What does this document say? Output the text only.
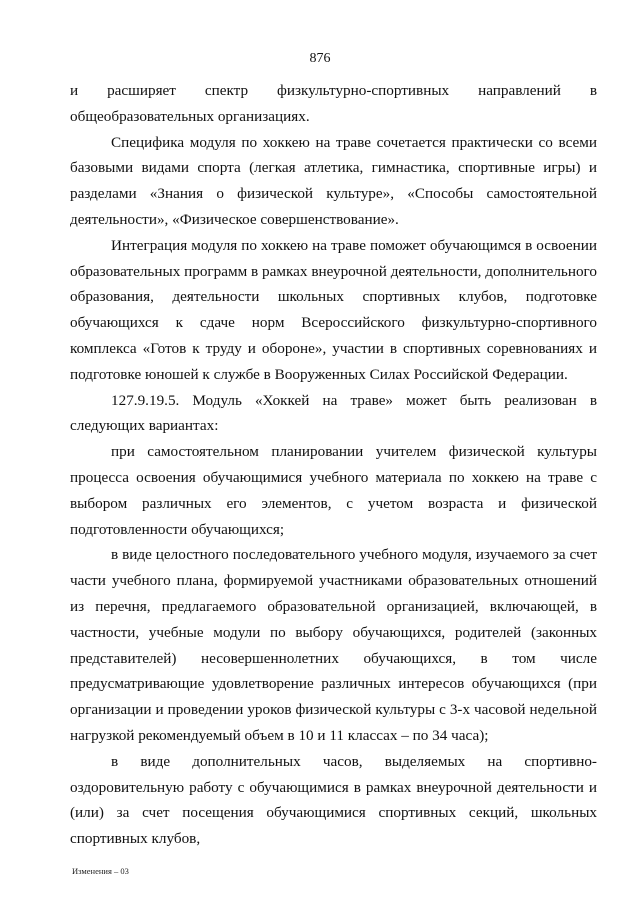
876

и расширяет спектр физкультурно-спортивных направлений в общеобразовательных организациях.

Специфика модуля по хоккею на траве сочетается практически со всеми базовыми видами спорта (легкая атлетика, гимнастика, спортивные игры) и разделами «Знания о физической культуре», «Способы самостоятельной деятельности», «Физическое совершенствование».

Интеграция модуля по хоккею на траве поможет обучающимся в освоении образовательных программ в рамках внеурочной деятельности, дополнительного образования, деятельности школьных спортивных клубов, подготовке обучающихся к сдаче норм Всероссийского физкультурно-спортивного комплекса «Готов к труду и обороне», участии в спортивных соревнованиях и подготовке юношей к службе в Вооруженных Силах Российской Федерации.

127.9.19.5. Модуль «Хоккей на траве» может быть реализован в следующих вариантах:

при самостоятельном планировании учителем физической культуры процесса освоения обучающимися учебного материала по хоккею на траве с выбором различных его элементов, с учетом возраста и физической подготовленности обучающихся;

в виде целостного последовательного учебного модуля, изучаемого за счет части учебного плана, формируемой участниками образовательных отношений из перечня, предлагаемого образовательной организацией, включающей, в частности, учебные модули по выбору обучающихся, родителей (законных представителей) несовершеннолетних обучающихся, в том числе предусматривающие удовлетворение различных интересов обучающихся (при организации и проведении уроков физической культуры с 3-х часовой недельной нагрузкой рекомендуемый объем в 10 и 11 классах – по 34 часа);

в виде дополнительных часов, выделяемых на спортивно-оздоровительную работу с обучающимися в рамках внеурочной деятельности и (или) за счет посещения обучающимися спортивных секций, школьных спортивных клубов,

Изменения – 03
